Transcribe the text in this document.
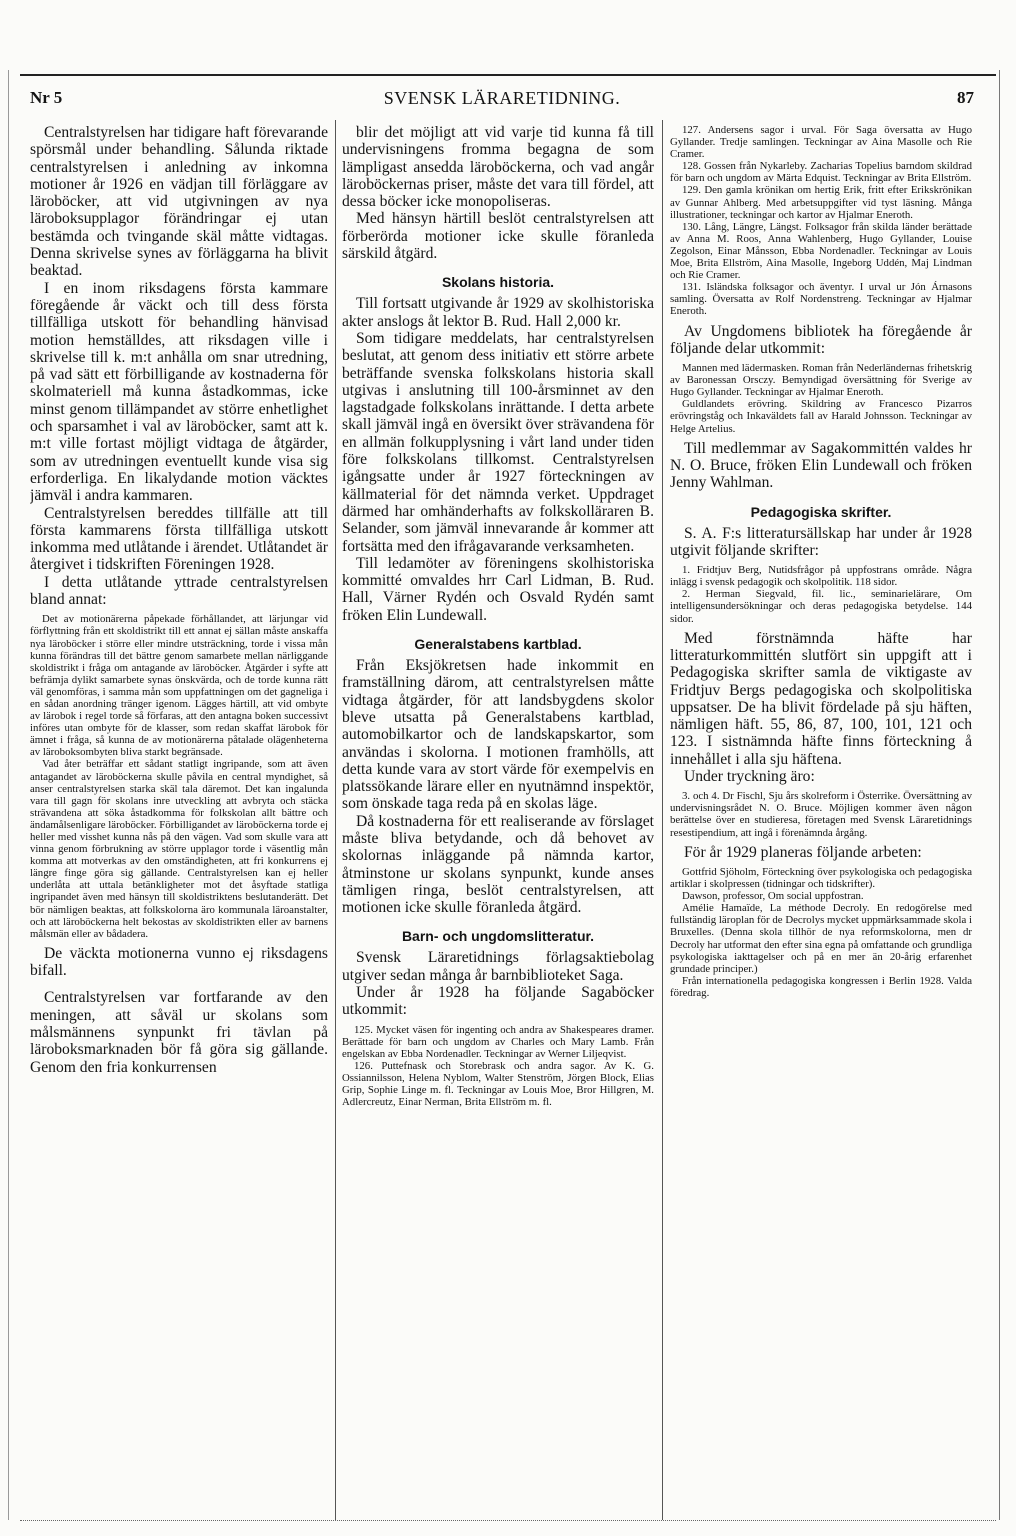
Nr 5	SVENSK LÄRARETIDNING.	87

Centralstyrelsen har tidigare haft förevarande spörsmål under behandling. Sålunda riktade centralstyrelsen i anledning av inkomna motioner år 1926 en vädjan till förläggare av läroböcker, att vid utgivningen av nya läroboksupplagor förändringar ej utan bestämda och tvingande skäl måtte vidtagas. Denna skrivelse synes av förläggarna ha blivit beaktad.

I en inom riksdagens första kammare föregående år väckt och till dess första tillfälliga utskott för behandling hänvisad motion hemställdes, att riksdagen ville i skrivelse till k. m:t anhålla om snar utredning, på vad sätt ett förbilligande av kostnaderna för skolmateriell må kunna åstadkommas, icke minst genom tillämpandet av större enhetlighet och sparsamhet i val av läroböcker, samt att k. m:t ville fortast möjligt vidtaga de åtgärder, som av utredningen eventuellt kunde visa sig erforderliga. En likalydande motion väcktes jämväl i andra kammaren.

Centralstyrelsen bereddes tillfälle att till första kammarens första tillfälliga utskott inkomma med utlåtande i ärendet. Utlåtandet är återgivet i tidskriften Föreningen 1928.

I detta utlåtande yttrade centralstyrelsen bland annat:

Det av motionärerna påpekade förhållandet, att lärjungar vid förflyttning från ett skoldistrikt till ett annat ej sällan måste anskaffa nya läroböcker i större eller mindre utsträckning, torde i vissa mån kunna förändras till det bättre genom samarbete mellan närliggande skoldistrikt i fråga om antagande av läroböcker. Åtgärder i syfte att befrämja dylikt samarbete synas önskvärda, och de torde kunna rätt väl genomföras, i samma mån som uppfattningen om det gagneliga i en sådan anordning tränger igenom. Lägges härtill, att vid ombyte av lärobok i regel torde så förfaras, att den antagna boken successivt införes utan ombyte för de klasser, som redan skaffat lärobok för ämnet i fråga, så kunna de av motionärerna påtalade olägenheterna av läroboksombyten bliva starkt begränsade.

Vad åter beträffar ett sådant statligt ingripande, som att även antagandet av läroböckerna skulle påvila en central myndighet, så anser centralstyrelsen starka skäl tala däremot. Det kan ingalunda vara till gagn för skolans inre utveckling att avbryta och stäcka strävandena att söka åstadkomma för folkskolan allt bättre och ändamålsenligare läroböcker. Förbilligandet av läroböckerna torde ej heller med visshet kunna nås på den vägen. Vad som skulle vara att vinna genom förbrukning av större upplagor torde i väsentlig mån komma att motverkas av den omständigheten, att fri konkurrens ej längre finge göra sig gällande. Centralstyrelsen kan ej heller underlåta att uttala betänkligheter mot det åsyftade statliga ingripandet även med hänsyn till skoldistriktens beslutanderätt. Det bör nämligen beaktas, att folkskolorna äro kommunala läroanstalter, och att läroböckerna helt bekostas av skoldistrikten eller av barnens målsmän eller av bådadera.

De väckta motionerna vunno ej riksdagens bifall.

Centralstyrelsen var fortfarande av den meningen, att såväl ur skolans som målsmännens synpunkt fri tävlan på läroboksmarknaden bör få göra sig gällande. Genom den fria konkurrensen

blir det möjligt att vid varje tid kunna få till undervisningens fromma begagna de som lämpligast ansedda läroböckerna, och vad angår läroböckernas priser, måste det vara till fördel, att dessa böcker icke monopoliseras.

Med hänsyn härtill beslöt centralstyrelsen att förberörda motioner icke skulle föranleda särskild åtgärd.

Skolans historia.

Till fortsatt utgivande år 1929 av skolhistoriska akter anslogs åt lektor B. Rud. Hall 2,000 kr.

Som tidigare meddelats, har centralstyrelsen beslutat, att genom dess initiativ ett större arbete beträffande svenska folkskolans historia skall utgivas i anslutning till 100-årsminnet av den lagstadgade folkskolans inrättande. I detta arbete skall jämväl ingå en översikt över strävandena för en allmän folkupplysning i vårt land under tiden före folkskolans tillkomst. Centralstyrelsen igångsatte under år 1927 förteckningen av källmaterial för det nämnda verket. Uppdraget därmed har omhänderhafts av folkskolläraren B. Selander, som jämväl innevarande år kommer att fortsätta med den ifrågavarande verksamheten.

Till ledamöter av föreningens skolhistoriska kommitté omvaldes hrr Carl Lidman, B. Rud. Hall, Värner Rydén och Osvald Rydén samt fröken Elin Lundewall.

Generalstabens kartblad.

Från Eksjökretsen hade inkommit en framställning därom, att centralstyrelsen måtte vidtaga åtgärder, för att landsbygdens skolor bleve utsatta på Generalstabens kartblad, automobilkartor och de landskapskartor, som användas i skolorna. I motionen framhölls, att detta kunde vara av stort värde för exempelvis en platssökande lärare eller en nyutnämnd inspektör, som önskade taga reda på en skolas läge.

Då kostnaderna för ett realiserande av förslaget måste bliva betydande, och då behovet av skolornas inläggande på nämnda kartor, åtminstone ur skolans synpunkt, kunde anses tämligen ringa, beslöt centralstyrelsen, att motionen icke skulle föranleda åtgärd.

Barn- och ungdomslitteratur.

Svensk Läraretidnings förlagsaktiebolag utgiver sedan många år barnbiblioteket Saga.

Under år 1928 ha följande Sagaböcker utkommit:

125. Mycket väsen för ingenting och andra av Shakespeares dramer. Berättade för barn och ungdom av Charles och Mary Lamb. Från engelskan av Ebba Nordenadler. Teckningar av Werner Liljeqvist.

126. Puttefnask och Storebrask och andra sagor. Av K. G. Ossiannilsson, Helena Nyblom, Walter Stenström, Jörgen Block, Elias Grip, Sophie Linge m. fl. Teckningar av Louis Moe, Bror Hillgren, M. Adlercreutz, Einar Nerman, Brita Ellström m. fl.

127. Andersens sagor i urval. För Saga översatta av Hugo Gyllander. Tredje samlingen. Teckningar av Aina Masolle och Rie Cramer.

128. Gossen från Nykarleby. Zacharias Topelius barndom skildrad för barn och ungdom av Märta Edquist. Teckningar av Brita Ellström.

129. Den gamla krönikan om hertig Erik, fritt efter Erikskrönikan av Gunnar Ahlberg. Med arbetsuppgifter vid tyst läsning. Många illustrationer, teckningar och kartor av Hjalmar Eneroth.

130. Lång, Längre, Längst. Folksagor från skilda länder berättade av Anna M. Roos, Anna Wahlenberg, Hugo Gyllander, Louise Zegolson, Einar Månsson, Ebba Nordenadler. Teckningar av Louis Moe, Brita Ellström, Aina Masolle, Ingeborg Uddén, Maj Lindman och Rie Cramer.

131. Isländska folksagor och äventyr. I urval ur Jón Árnasons samling. Översatta av Rolf Nordenstreng. Teckningar av Hjalmar Eneroth.

Av Ungdomens bibliotek ha föregående år följande delar utkommit:

Mannen med lädermasken. Roman från Nederländernas frihetskrig av Baronessan Orsczy. Bemyndigad översättning för Sverige av Hugo Gyllander. Teckningar av Hjalmar Eneroth.

Guldlandets erövring. Skildring av Francesco Pizarros erövringståg och Inkaväldets fall av Harald Johnsson. Teckningar av Helge Artelius.

Till medlemmar av Sagakommittén valdes hr N. O. Bruce, fröken Elin Lundewall och fröken Jenny Wahlman.

Pedagogiska skrifter.

S. A. F:s litteratursällskap har under år 1928 utgivit följande skrifter:

1. Fridtjuv Berg, Nutidsfrågor på uppfostrans område. Några inlägg i svensk pedagogik och skolpolitik. 118 sidor.

2. Herman Siegvald, fil. lic., seminarielärare, Om intelligensundersökningar och deras pedagogiska betydelse. 144 sidor.

Med förstnämnda häfte har litteraturkommittén slutfört sin uppgift att i Pedagogiska skrifter samla de viktigaste av Fridtjuv Bergs pedagogiska och skolpolitiska uppsatser. De ha blivit fördelade på sju häften, nämligen häft. 55, 86, 87, 100, 101, 121 och 123. I sistnämnda häfte finns förteckning å innehållet i alla sju häftena.

Under tryckning äro:

3. och 4. Dr Fischl, Sju års skolreform i Österrike. Översättning av undervisningsrådet N. O. Bruce. Möjligen kommer även någon berättelse över en studieresa, företagen med Svensk Läraretidnings resestipendium, att ingå i förenämnda årgång.

För år 1929 planeras följande arbeten:

Gottfrid Sjöholm, Förteckning över psykologiska och pedagogiska artiklar i skolpressen (tidningar och tidskrifter).

Dawson, professor, Om social uppfostran.

Amélie Hamaïde, La méthode Decroly. En redogörelse med fullständig läroplan för de Decrolys mycket uppmärksammade skola i Bruxelles. (Denna skola tillhör de nya reformskolorna, men dr Decroly har utformat den efter sina egna på omfattande och grundliga psykologiska iakttagelser och på en mer än 20-årig erfarenhet grundade principer.)

Från internationella pedagogiska kongressen i Berlin 1928. Valda föredrag.
